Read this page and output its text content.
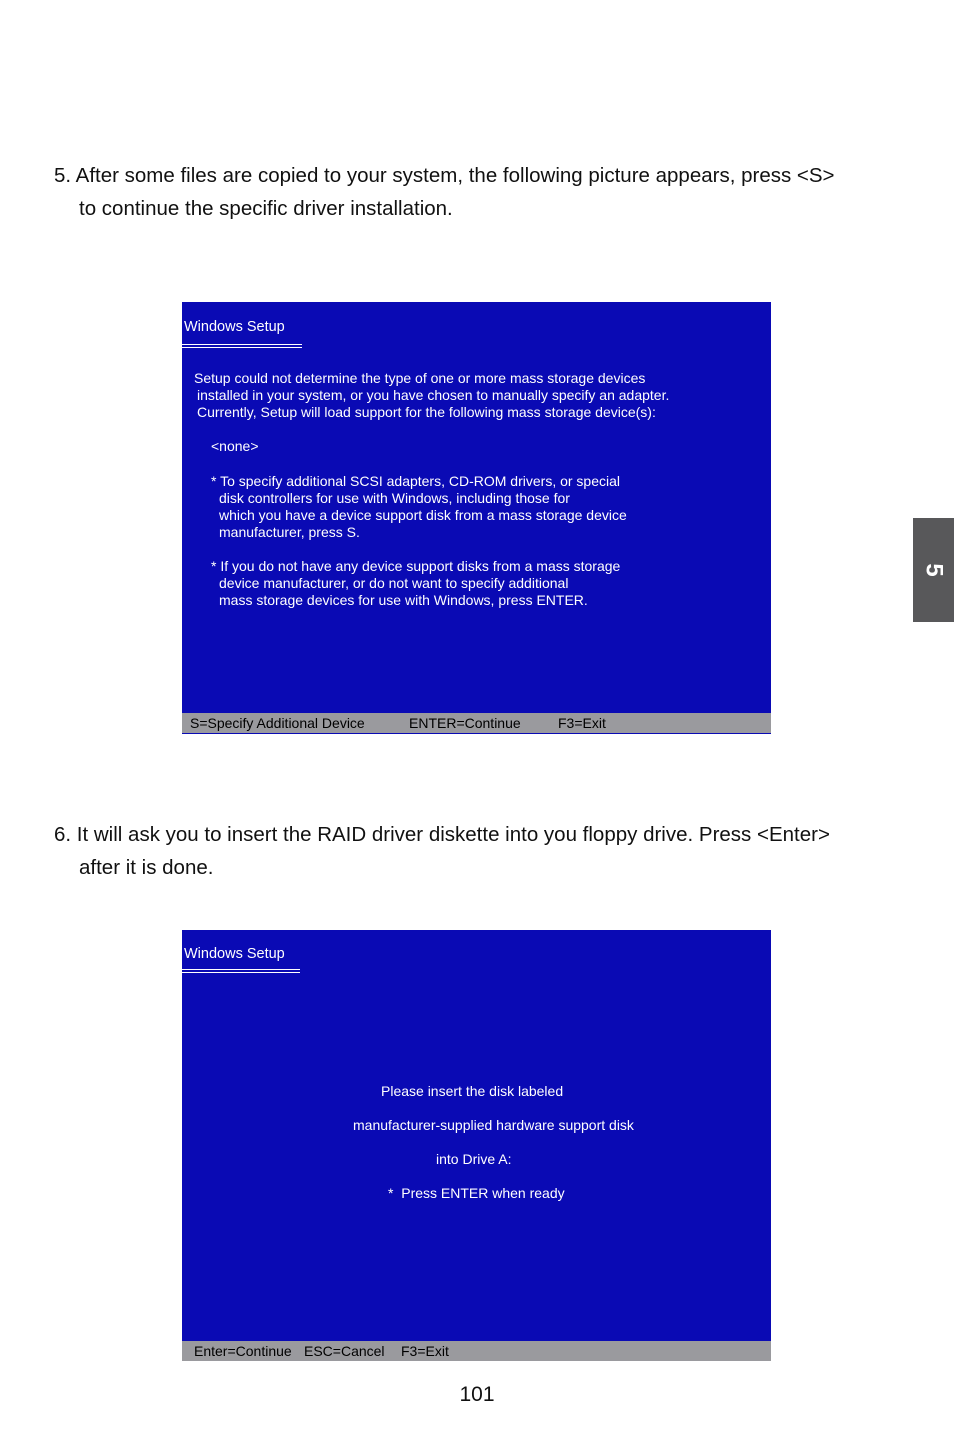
5. After some files are copied to your system, the following picture appears, press <S>
to continue the specific driver installation.
Windows Setup
Setup could not determine the type of one or more mass storage devices
installed in your system, or you have chosen to manually specify an adapter.
Currently, Setup will load support for the following mass storage device(s):
<none>
* To specify additional SCSI adapters, CD-ROM drivers, or special
disk controllers for use with Windows, including those for
which you have a device support disk from a mass storage device
manufacturer, press S.
* If you do not have any device support disks from a mass storage
device manufacturer, or do not want to specify additional
mass storage devices for use with Windows, press ENTER.
S=Specify Additional Device	ENTER=Continue	F3=Exit
6. It will ask you to insert the RAID driver diskette into you floppy drive. Press <Enter>
after it is done.
Windows Setup
Please insert the disk labeled
manufacturer-supplied hardware support disk
into Drive A:
*  Press ENTER when ready
Enter=Continue ESC=Cancel F3=Exit
5
101
